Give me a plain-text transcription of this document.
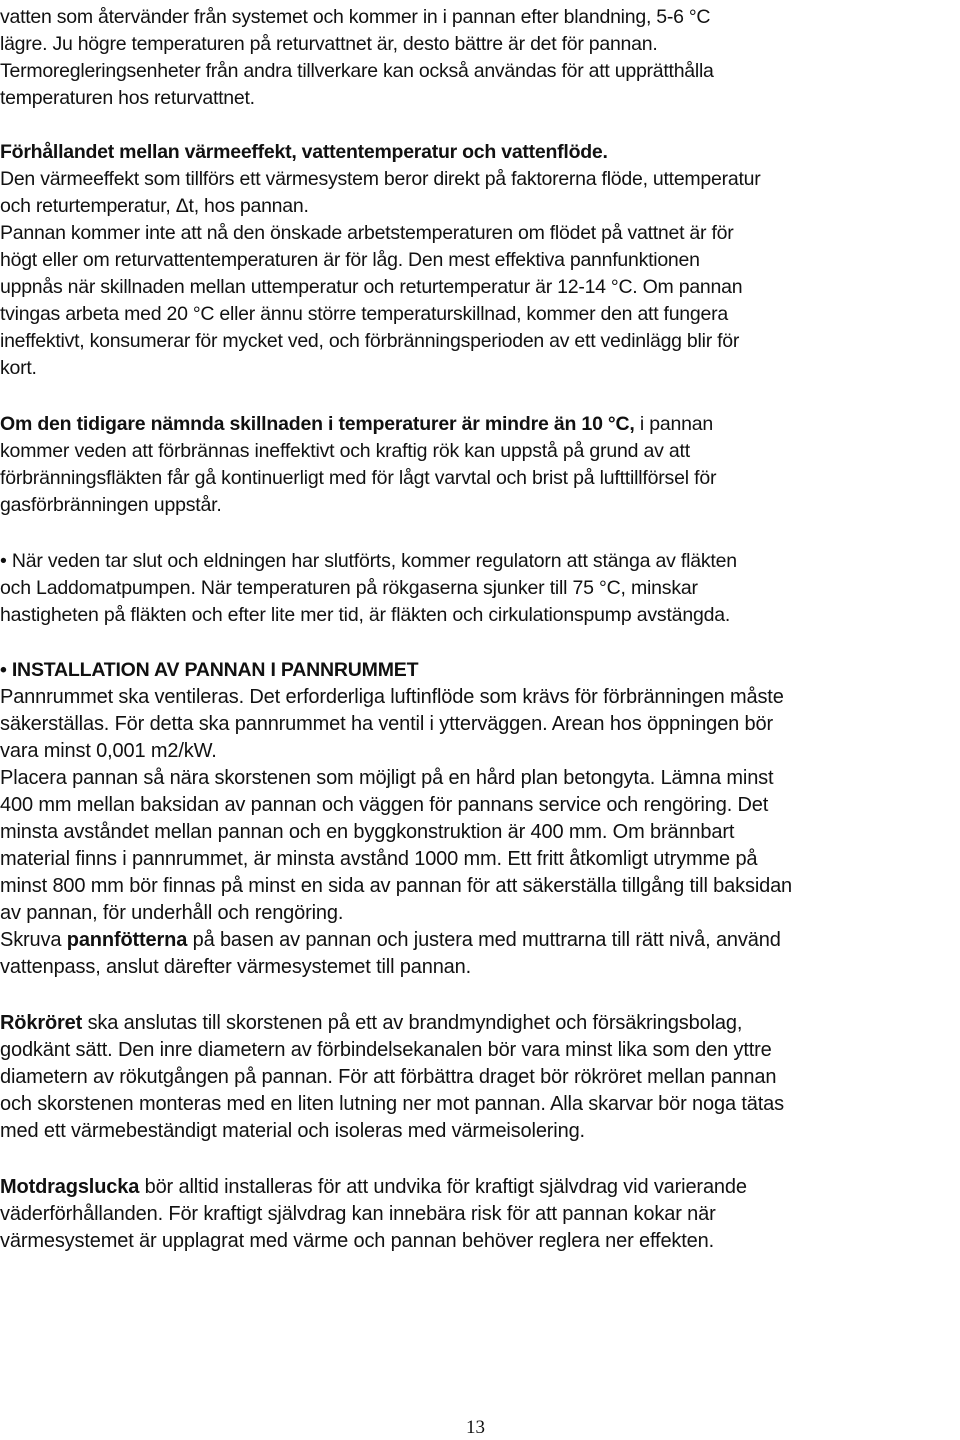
vatten som återvänder från systemet och kommer in i pannan efter blandning, 5-6 °C

lägre. Ju högre temperaturen på returvattnet är, desto bättre är det för pannan.

Termoregleringsenheter från andra tillverkare kan också användas för att upprätthålla

temperaturen hos returvattnet.

Förhållandet mellan värmeeffekt, vattentemperatur och vattenflöde.

Den värmeeffekt som tillförs ett värmesystem beror direkt på faktorerna flöde, uttemperatur

och returtemperatur, Δt, hos pannan.

Pannan kommer inte att nå den önskade arbetstemperaturen om flödet på vattnet är för

högt eller om returvattentemperaturen är för låg. Den mest effektiva pannfunktionen

uppnås när skillnaden mellan uttemperatur och returtemperatur är 12-14 °C. Om pannan

tvingas arbeta med 20 °C eller ännu större temperaturskillnad, kommer den att fungera

ineffektivt, konsumerar för mycket ved, och förbränningsperioden av ett vedinlägg blir för

kort.

Om den tidigare nämnda skillnaden i temperaturer är mindre än 10 °C, i pannan

kommer veden att förbrännas ineffektivt och kraftig rök kan uppstå på grund av att

förbränningsfläkten får gå kontinuerligt med för lågt varvtal och brist på lufttillförsel för

gasförbränningen uppstår.

• När veden tar slut och eldningen har slutförts, kommer regulatorn att stänga av fläkten

och Laddomatpumpen. När temperaturen på rökgaserna sjunker till 75 °C, minskar

hastigheten på fläkten och efter lite mer tid, är fläkten och cirkulationspump avstängda.

• INSTALLATION AV PANNAN I PANNRUMMET

Pannrummet ska ventileras. Det erforderliga luftinflöde som krävs för förbränningen måste

säkerställas. För detta ska pannrummet ha ventil i ytterväggen. Arean hos öppningen bör

vara minst 0,001 m2/kW.

Placera pannan så nära skorstenen som möjligt på en hård plan betongyta. Lämna minst

400 mm mellan baksidan av pannan och väggen för pannans service och rengöring. Det

minsta avståndet mellan pannan och en byggkonstruktion är 400 mm. Om brännbart

material finns i pannrummet, är minsta avstånd 1000 mm. Ett fritt åtkomligt utrymme på

minst 800 mm bör finnas på minst en sida av pannan för att säkerställa tillgång till baksidan

av pannan, för underhåll och rengöring.

Skruva pannfötterna på basen av pannan och justera med muttrarna till rätt nivå, använd

vattenpass, anslut därefter värmesystemet till pannan.

Rökröret ska anslutas till skorstenen på ett av brandmyndighet och försäkringsbolag,

godkänt sätt. Den inre diametern av förbindelsekanalen bör vara minst lika som den yttre

diametern av rökutgången på pannan. För att förbättra draget bör rökröret mellan pannan

och skorstenen monteras med en liten lutning ner mot pannan. Alla skarvar bör noga tätas

med ett värmebeständigt material och isoleras med värmeisolering.

Motdragslucka bör alltid installeras för att undvika för kraftigt självdrag vid varierande

väderförhållanden. För kraftigt självdrag kan innebära risk för att pannan kokar när

värmesystemet är upplagrat med värme och pannan behöver reglera ner effekten.

13
